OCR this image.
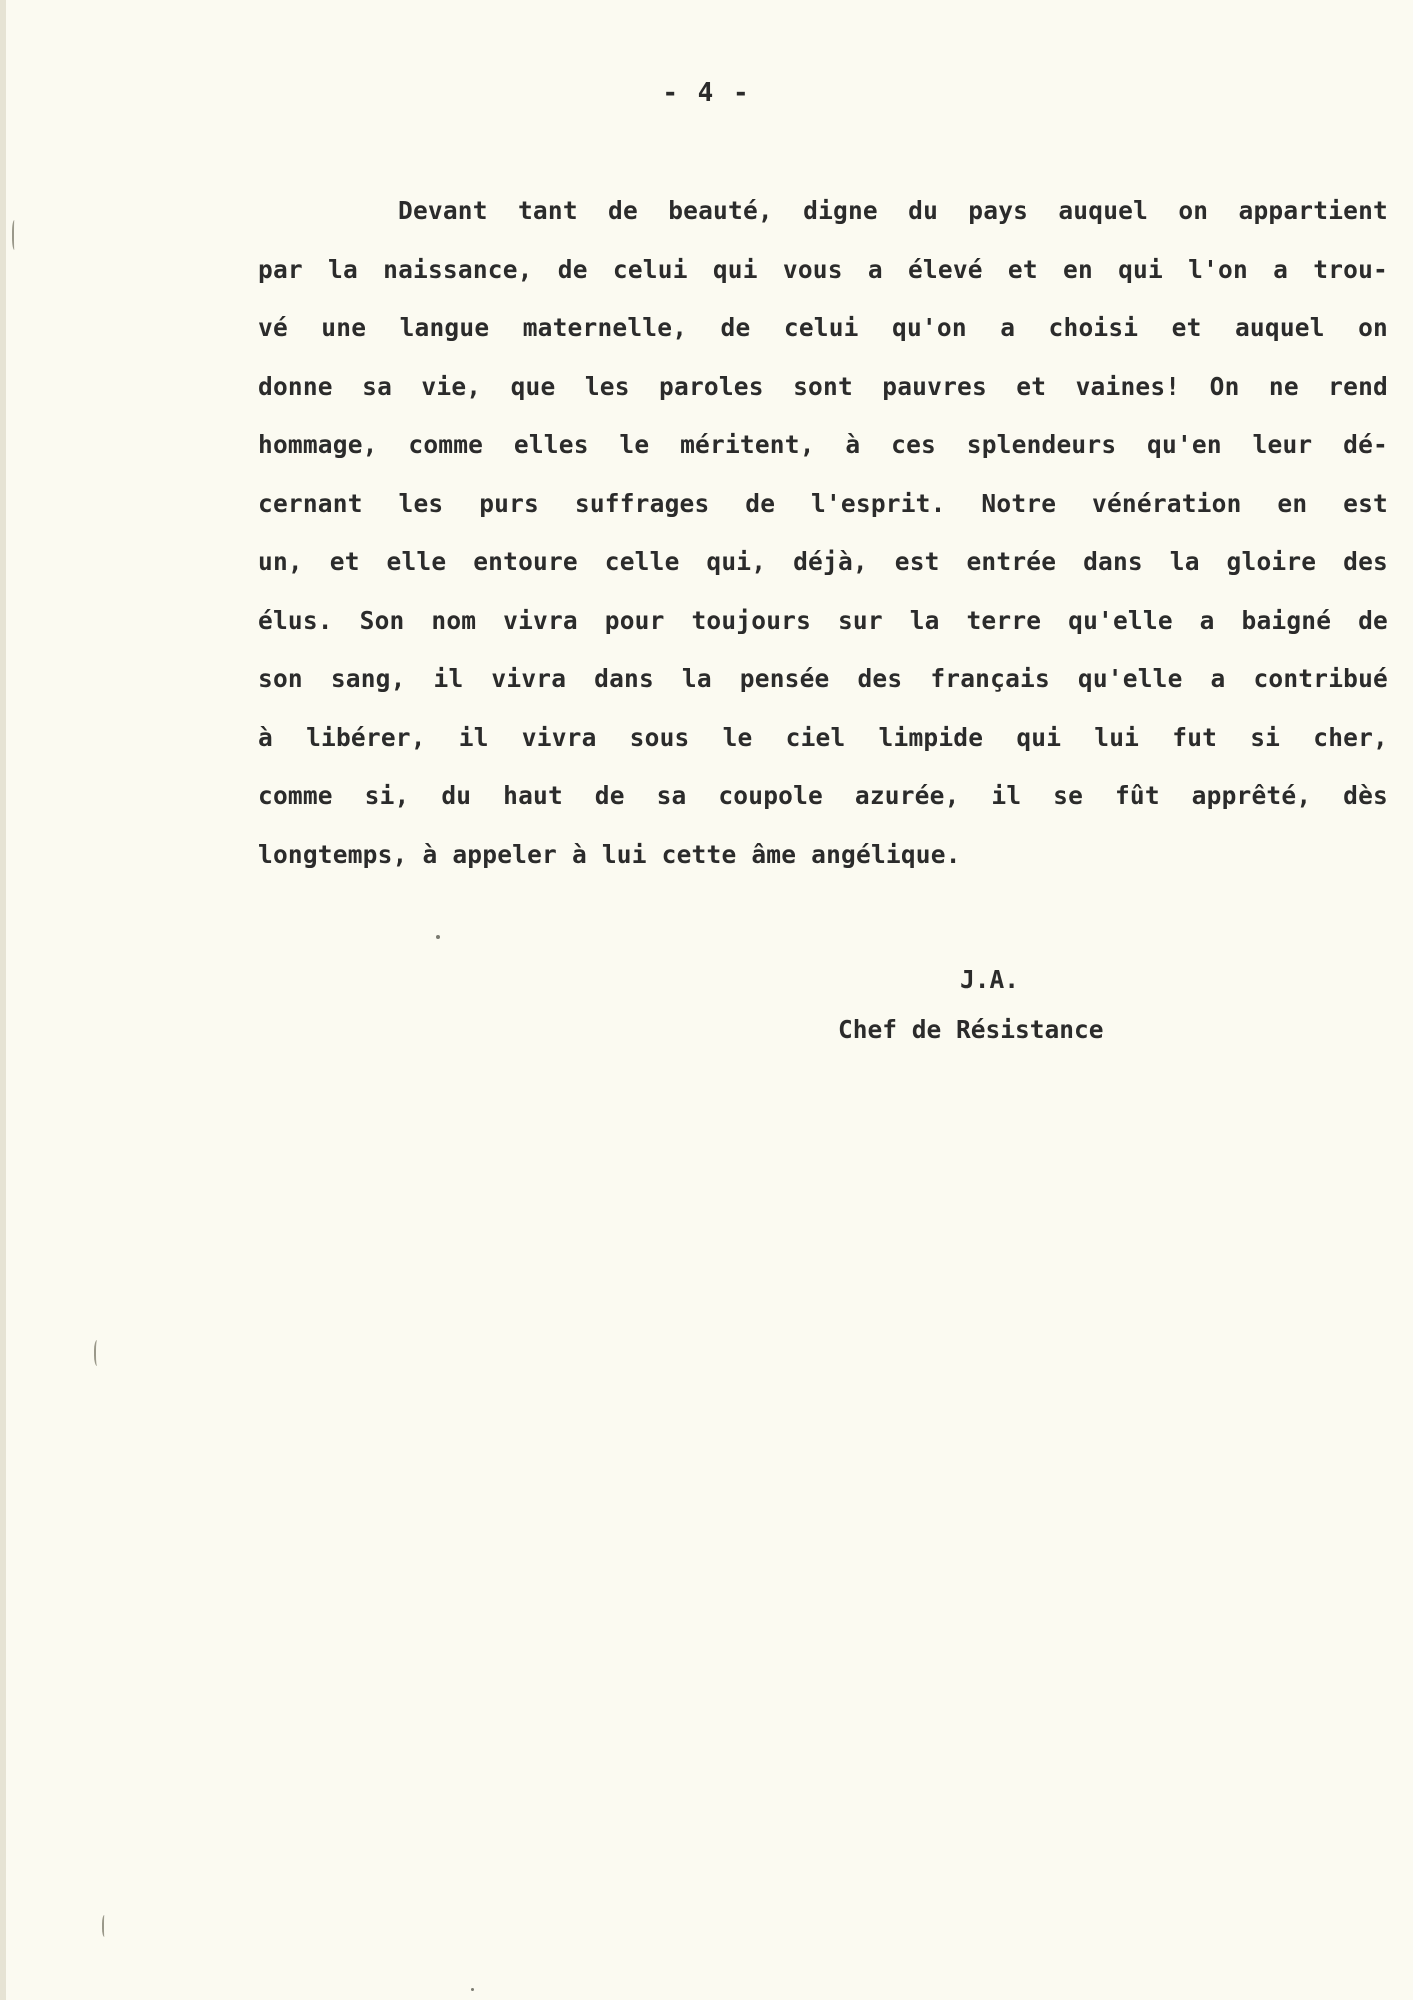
- 4 -
Devant tant de beauté, digne du pays auquel on appartient
par la naissance, de celui qui vous a élevé et en qui l'on a trou-
vé une langue maternelle, de celui qu'on a choisi et auquel on
donne sa vie, que les paroles sont pauvres et vaines! On ne rend
hommage, comme elles le méritent, à ces splendeurs qu'en leur dé-
cernant les purs suffrages de l'esprit. Notre vénération en est
un, et elle entoure celle qui, déjà, est entrée dans la gloire des
élus. Son nom vivra pour toujours sur la terre qu'elle a baigné de
son sang, il vivra dans la pensée des français qu'elle a contribué
à libérer, il vivra sous le ciel limpide qui lui fut si cher,
comme si, du haut de sa coupole azurée, il se fût apprêté, dès
longtemps, à appeler à lui cette âme angélique.
J.A.
Chef de Résistance
